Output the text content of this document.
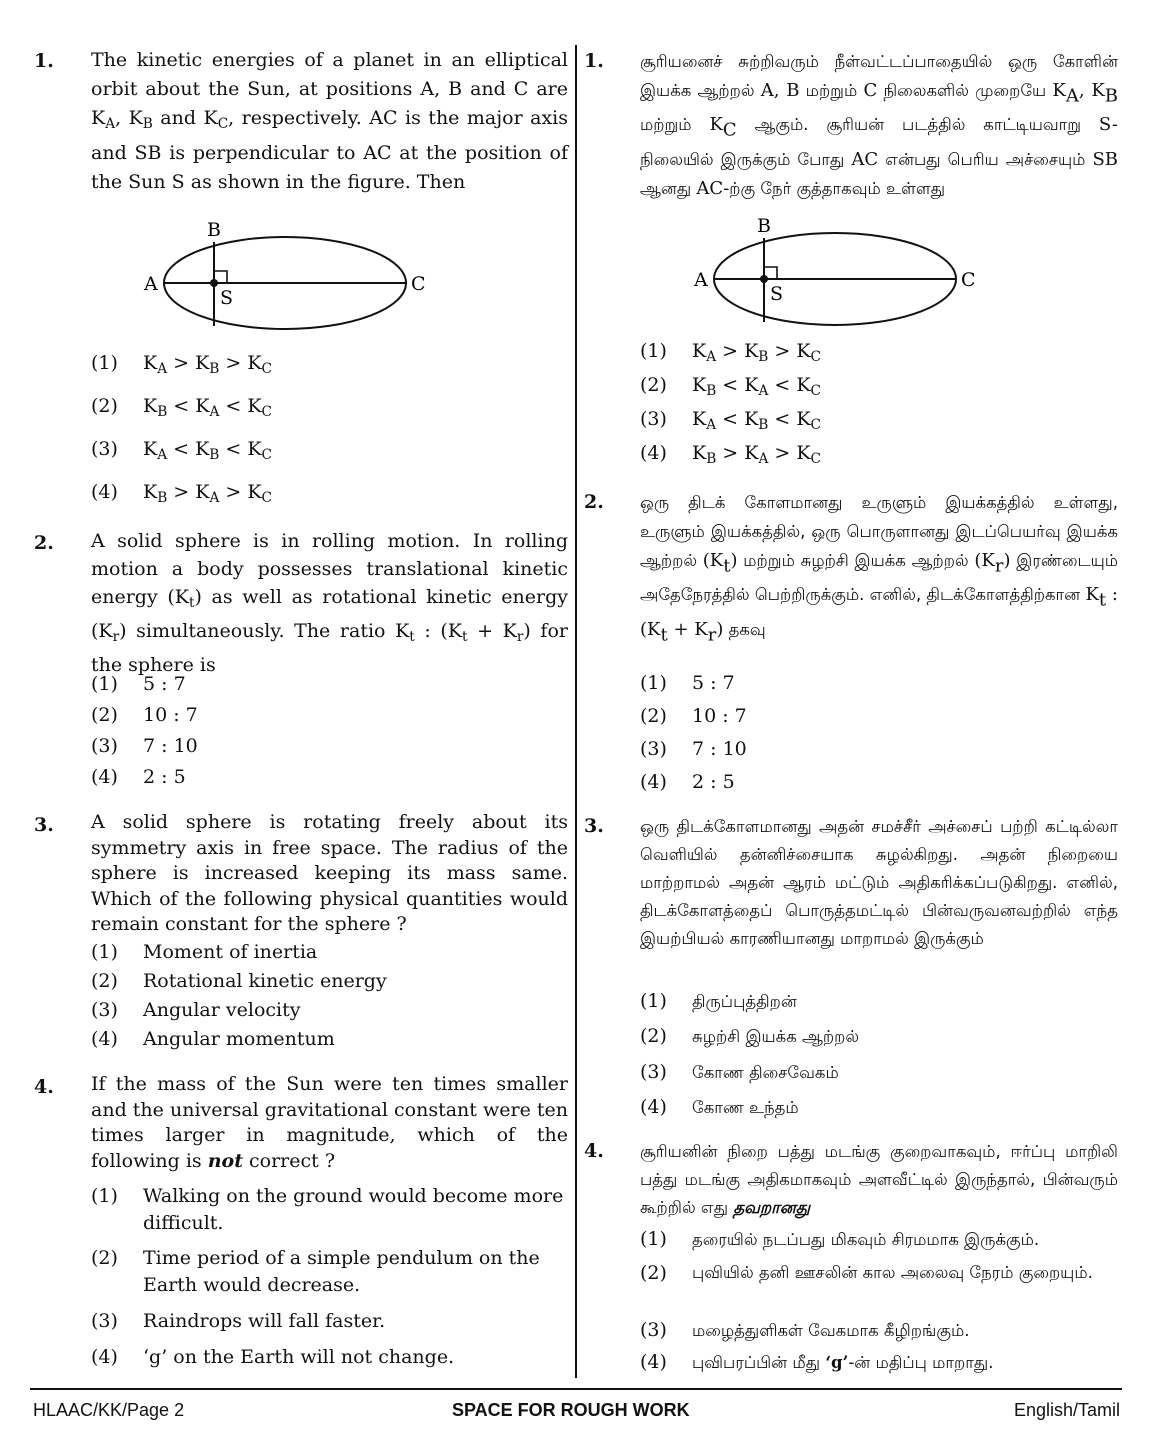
1. The kinetic energies of a planet in an elliptical orbit about the Sun, at positions A, B and C are $K_A$, $K_B$ and $K_C$, respectively. AC is the major axis and SB is perpendicular to AC at the position of the Sun S as shown in the figure. Then
A
B
C
S
(1) $K_A > K_B > K_C$
(2) $K_B < K_A < K_C$
(3) $K_A < K_B < K_C$
(4) $K_B > K_A > K_C$
2. A solid sphere is in rolling motion. In rolling motion a body possesses translational kinetic energy $(K_t)$ as well as rotational kinetic energy $(K_r)$ simultaneously. The ratio $K_t$ : $(K_t + K_r)$ for the sphere is
(1) 5 : 7
(2) 10 : 7
(3) 7 : 10
(4) 2 : 5
3. A solid sphere is rotating freely about its symmetry axis in free space. The radius of the sphere is increased keeping its mass same. Which of the following physical quantities would remain constant for the sphere ?
(1) Moment of inertia
(2) Rotational kinetic energy
(3) Angular velocity
(4) Angular momentum
4. If the mass of the Sun were ten times smaller and the universal gravitational constant were ten times larger in magnitude, which of the following is not correct ?
(1) Walking on the ground would become more difficult.
(2) Time period of a simple pendulum on the Earth would decrease.
(3) Raindrops will fall faster.
(4) ‘g’ on the Earth will not change.
1. சூரியனைச் சுற்றிவரும் நீள்வட்டப்பாதையில் ஒரு கோளின் இயக்க ஆற்றல் A, B மற்றும் C நிலைகளில் முறையே $K_A$, $K_B$ மற்றும் $K_C$ ஆகும். சூரியன் படத்தில் காட்டியவாறு S- நிலையில் இருக்கும் போது AC என்பது பெரிய அச்சையும் SB ஆனது AC-ற்கு நேர் குத்தாகவும் உள்ளது
A
B
C
S
(1) $K_A > K_B > K_C$
(2) $K_B < K_A < K_C$
(3) $K_A < K_B < K_C$
(4) $K_B > K_A > K_C$
2. ஒரு திடக் கோளமானது உருளும் இயக்கத்தில் உள்ளது, உருளும் இயக்கத்தில், ஒரு பொருளானது இடப்பெயர்வு இயக்க ஆற்றல் $(K_t)$ மற்றும் சுழற்சி இயக்க ஆற்றல் $(K_r)$ இரண்டையும் அதேநேரத்தில் பெற்றிருக்கும். எனில், திடக்கோளத்திற்கான $K_t$ : $(K_t + K_r)$ தகவு
(1) 5 : 7
(2) 10 : 7
(3) 7 : 10
(4) 2 : 5
3. ஒரு திடக்கோளமானது அதன் சமச்சீர் அச்சைப் பற்றி கட்டில்லா வெளியில் தன்னிச்சையாக சுழல்கிறது. அதன் நிறையை மாற்றாமல் அதன் ஆரம் மட்டும் அதிகரிக்கப்படுகிறது. எனில், திடக்கோளத்தைப் பொருத்தமட்டில் பின்வருவனவற்றில் எந்த இயற்பியல் காரணியானது மாறாமல் இருக்கும்
(1) திருப்புத்திறன்
(2) சுழற்சி இயக்க ஆற்றல்
(3) கோண திசைவேகம்
(4) கோண உந்தம்
4. சூரியனின் நிறை பத்து மடங்கு குறைவாகவும், ஈர்ப்பு மாறிலி பத்து மடங்கு அதிகமாகவும் அளவீட்டில் இருந்தால், பின்வரும் கூற்றில் எது தவறானது
(1) தரையில் நடப்பது மிகவும் சிரமமாக இருக்கும்.
(2) புவியில் தனி ஊசலின் கால அலைவு நேரம் குறையும்.
(3) மழைத்துளிகள் வேகமாக கீழிறங்கும்.
(4) புவிபரப்பின் மீது ‘g’-ன் மதிப்பு மாறாது.
HLAAC/KK/Page 2	SPACE FOR ROUGH WORK	English/Tamil
